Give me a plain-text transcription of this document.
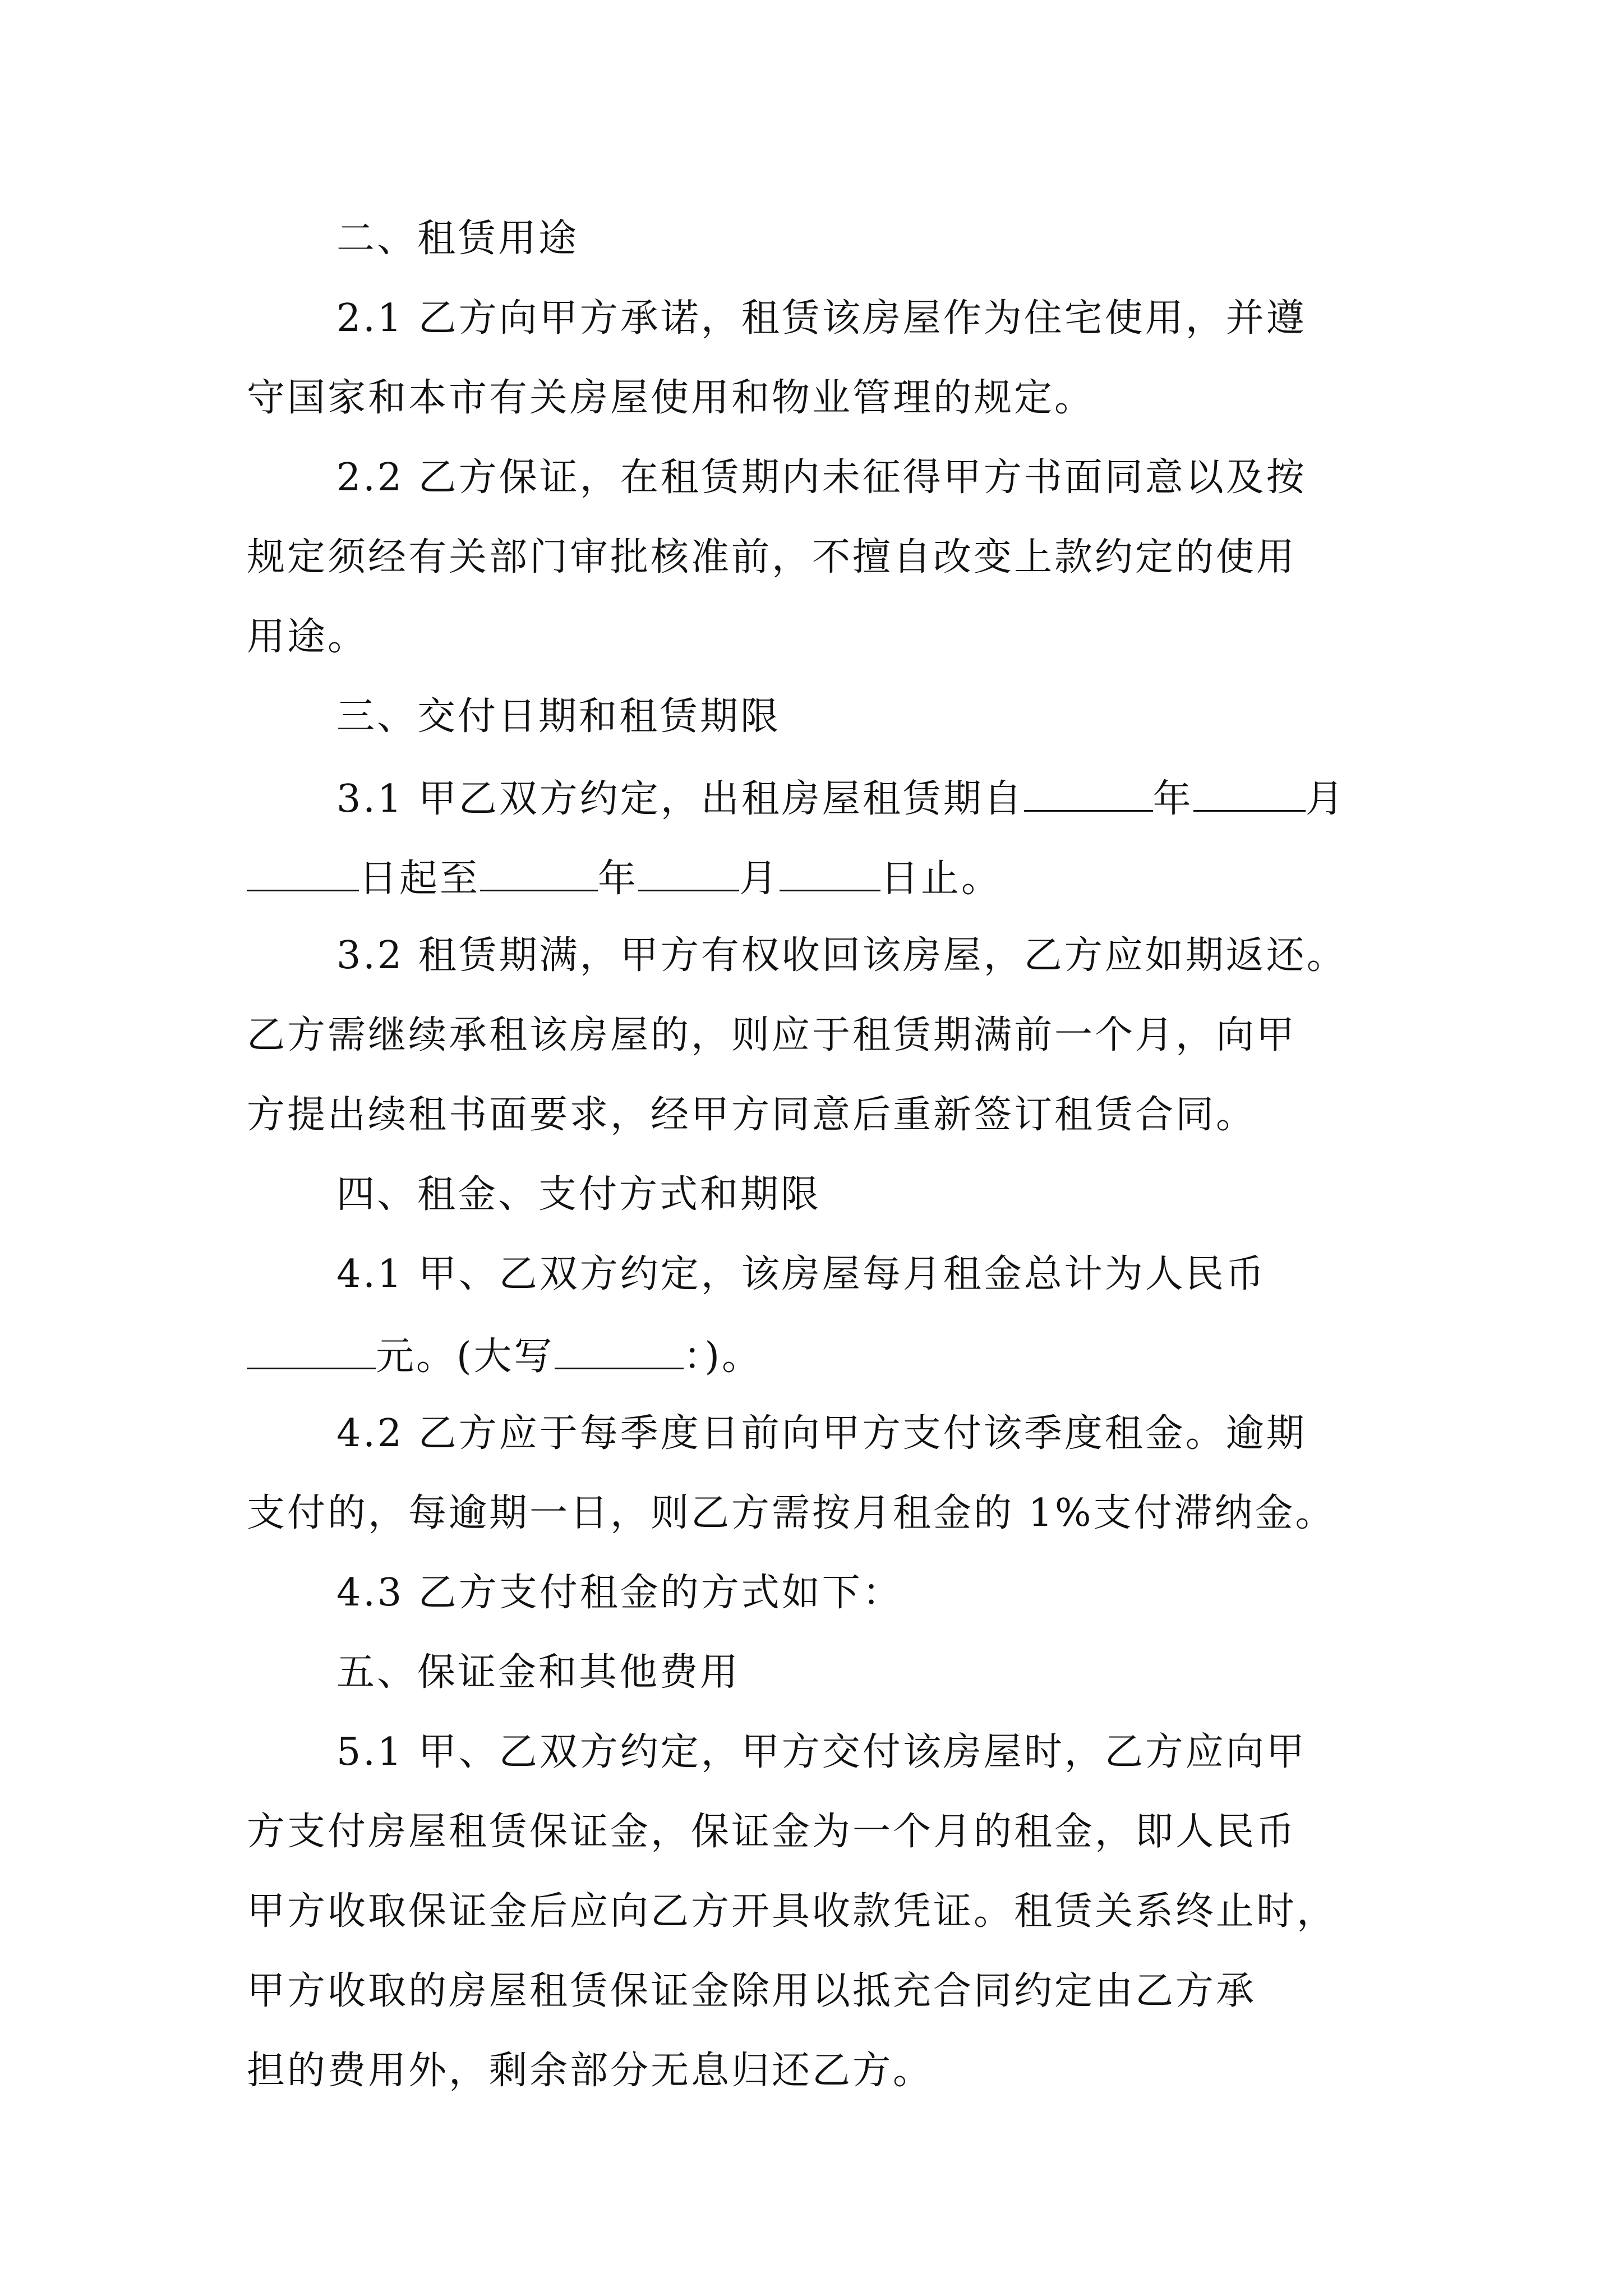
二、租赁用途
2.1 乙方向甲方承诺，租赁该房屋作为住宅使用，并遵
守国家和本市有关房屋使用和物业管理的规定。
2.2 乙方保证，在租赁期内未征得甲方书面同意以及按
规定须经有关部门审批核准前，不擅自改变上款约定的使用
用途。
三、交付日期和租赁期限
3.1 甲乙双方约定，出租房屋租赁期自	年	月
日起至	年	月	日止。
3.2 租赁期满，甲方有权收回该房屋，乙方应如期返还。
乙方需继续承租该房屋的，则应于租赁期满前一个月，向甲
方提出续租书面要求，经甲方同意后重新签订租赁合同。
四、租金、支付方式和期限
4.1 甲、乙双方约定，该房屋每月租金总计为人民币
元。(大写	：)。
4.2 乙方应于每季度日前向甲方支付该季度租金。逾期
支付的，每逾期一日，则乙方需按月租金的 1%支付滞纳金。
4.3 乙方支付租金的方式如下：
五、保证金和其他费用
5.1 甲、乙双方约定，甲方交付该房屋时，乙方应向甲
方支付房屋租赁保证金，保证金为一个月的租金，即人民币
甲方收取保证金后应向乙方开具收款凭证。租赁关系终止时，
甲方收取的房屋租赁保证金除用以抵充合同约定由乙方承
担的费用外，剩余部分无息归还乙方。
